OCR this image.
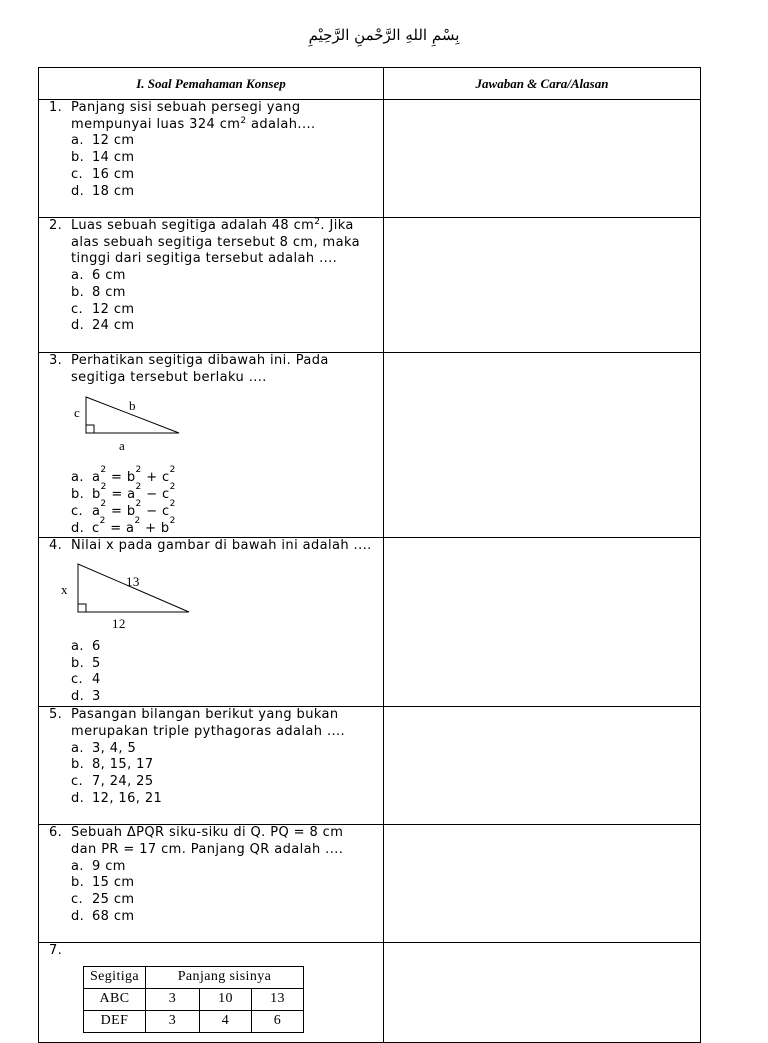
بِسْمِ اللهِ الرَّحْمنِ الرَّحِيْمِ
I. Soal Pemahaman Konsep	Jawaban & Cara/Alasan

1. Panjang sisi sebuah persegi yang
mempunyai luas 324 $cm^2$ adalah....
a. 12 cm
b. 14 cm
c. 16 cm
d. 18 cm

2. Luas sebuah segitiga adalah 48 $cm^2$. Jika
alas sebuah segitiga tersebut 8 cm, maka
tinggi dari segitiga tersebut adalah ....
a. 6 cm
b. 8 cm
c. 12 cm
d. 24 cm

3. Perhatikan segitiga dibawah ini. Pada
segitiga tersebut berlaku ....
c	b
a
a. a 2 = b 2 + c 2
b. b 2 = a 2 − c 2
c. a 2 = b 2 − c 2
d. c 2 = a 2 + b 2

4. Nilai x pada gambar di bawah ini adalah ....
x
13
12
a. 6
b. 5
c. 4
d. 3

5. Pasangan bilangan berikut yang bukan
merupakan triple pythagoras adalah ....
a. 3, 4, 5
b. 8, 15, 17
c. 7, 24, 25
d. 12, 16, 21

6. Sebuah ΔPQR siku-siku di Q. PQ = 8 cm
dan PR = 17 cm. Panjang QR adalah ....
a. 9 cm
b. 15 cm
c. 25 cm
d. 68 cm

7.
Segitiga	Panjang sisinya
ABC	3	10	13
DEF	3	4	6
